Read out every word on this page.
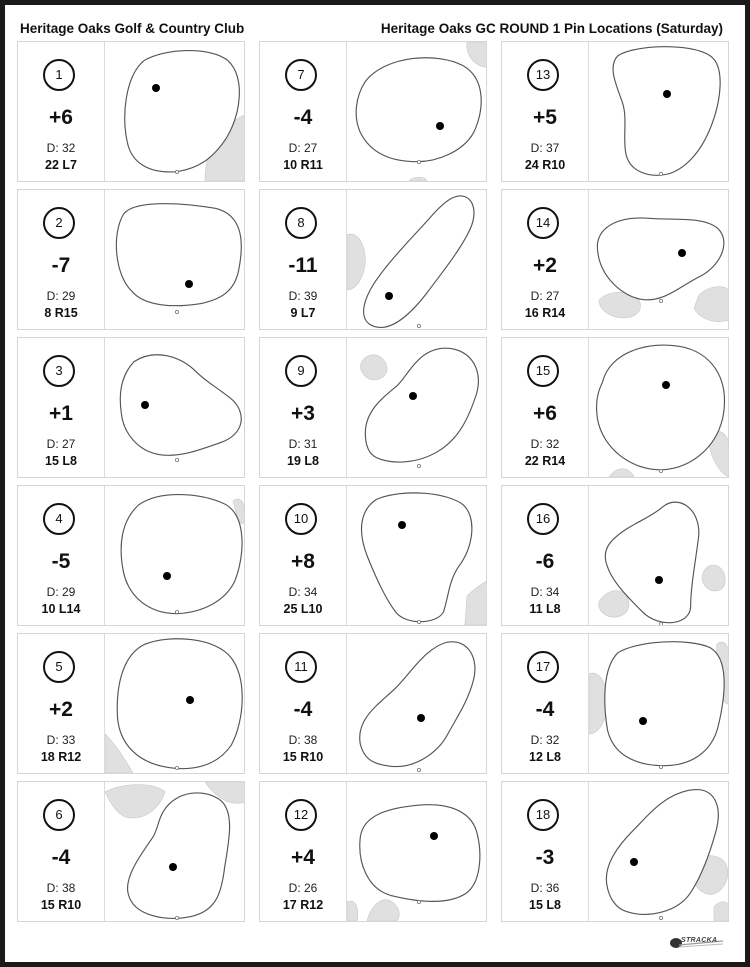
Heritage Oaks Golf & Country Club	Heritage Oaks GC ROUND 1 Pin Locations (Saturday)
1
+6
D: 32
22 L7
2
-7
D: 29
8 R15
3
+1
D: 27
15 L8
4
-5
D: 29
10 L14
5
+2
D: 33
18 R12
6
-4
D: 38
15 R10
7
-4
D: 27
10 R11
8
-11
D: 39
9 L7
9
+3
D: 31
19 L8
10
+8
D: 34
25 L10
11
-4
D: 38
15 R10
12
+4
D: 26
17 R12
13
+5
D: 37
24 R10
14
+2
D: 27
16 R14
15
+6
D: 32
22 R14
16
-6
D: 34
11 L8
17
-4
D: 32
12 L8
18
-3
D: 36
15 L8
STRACKA
